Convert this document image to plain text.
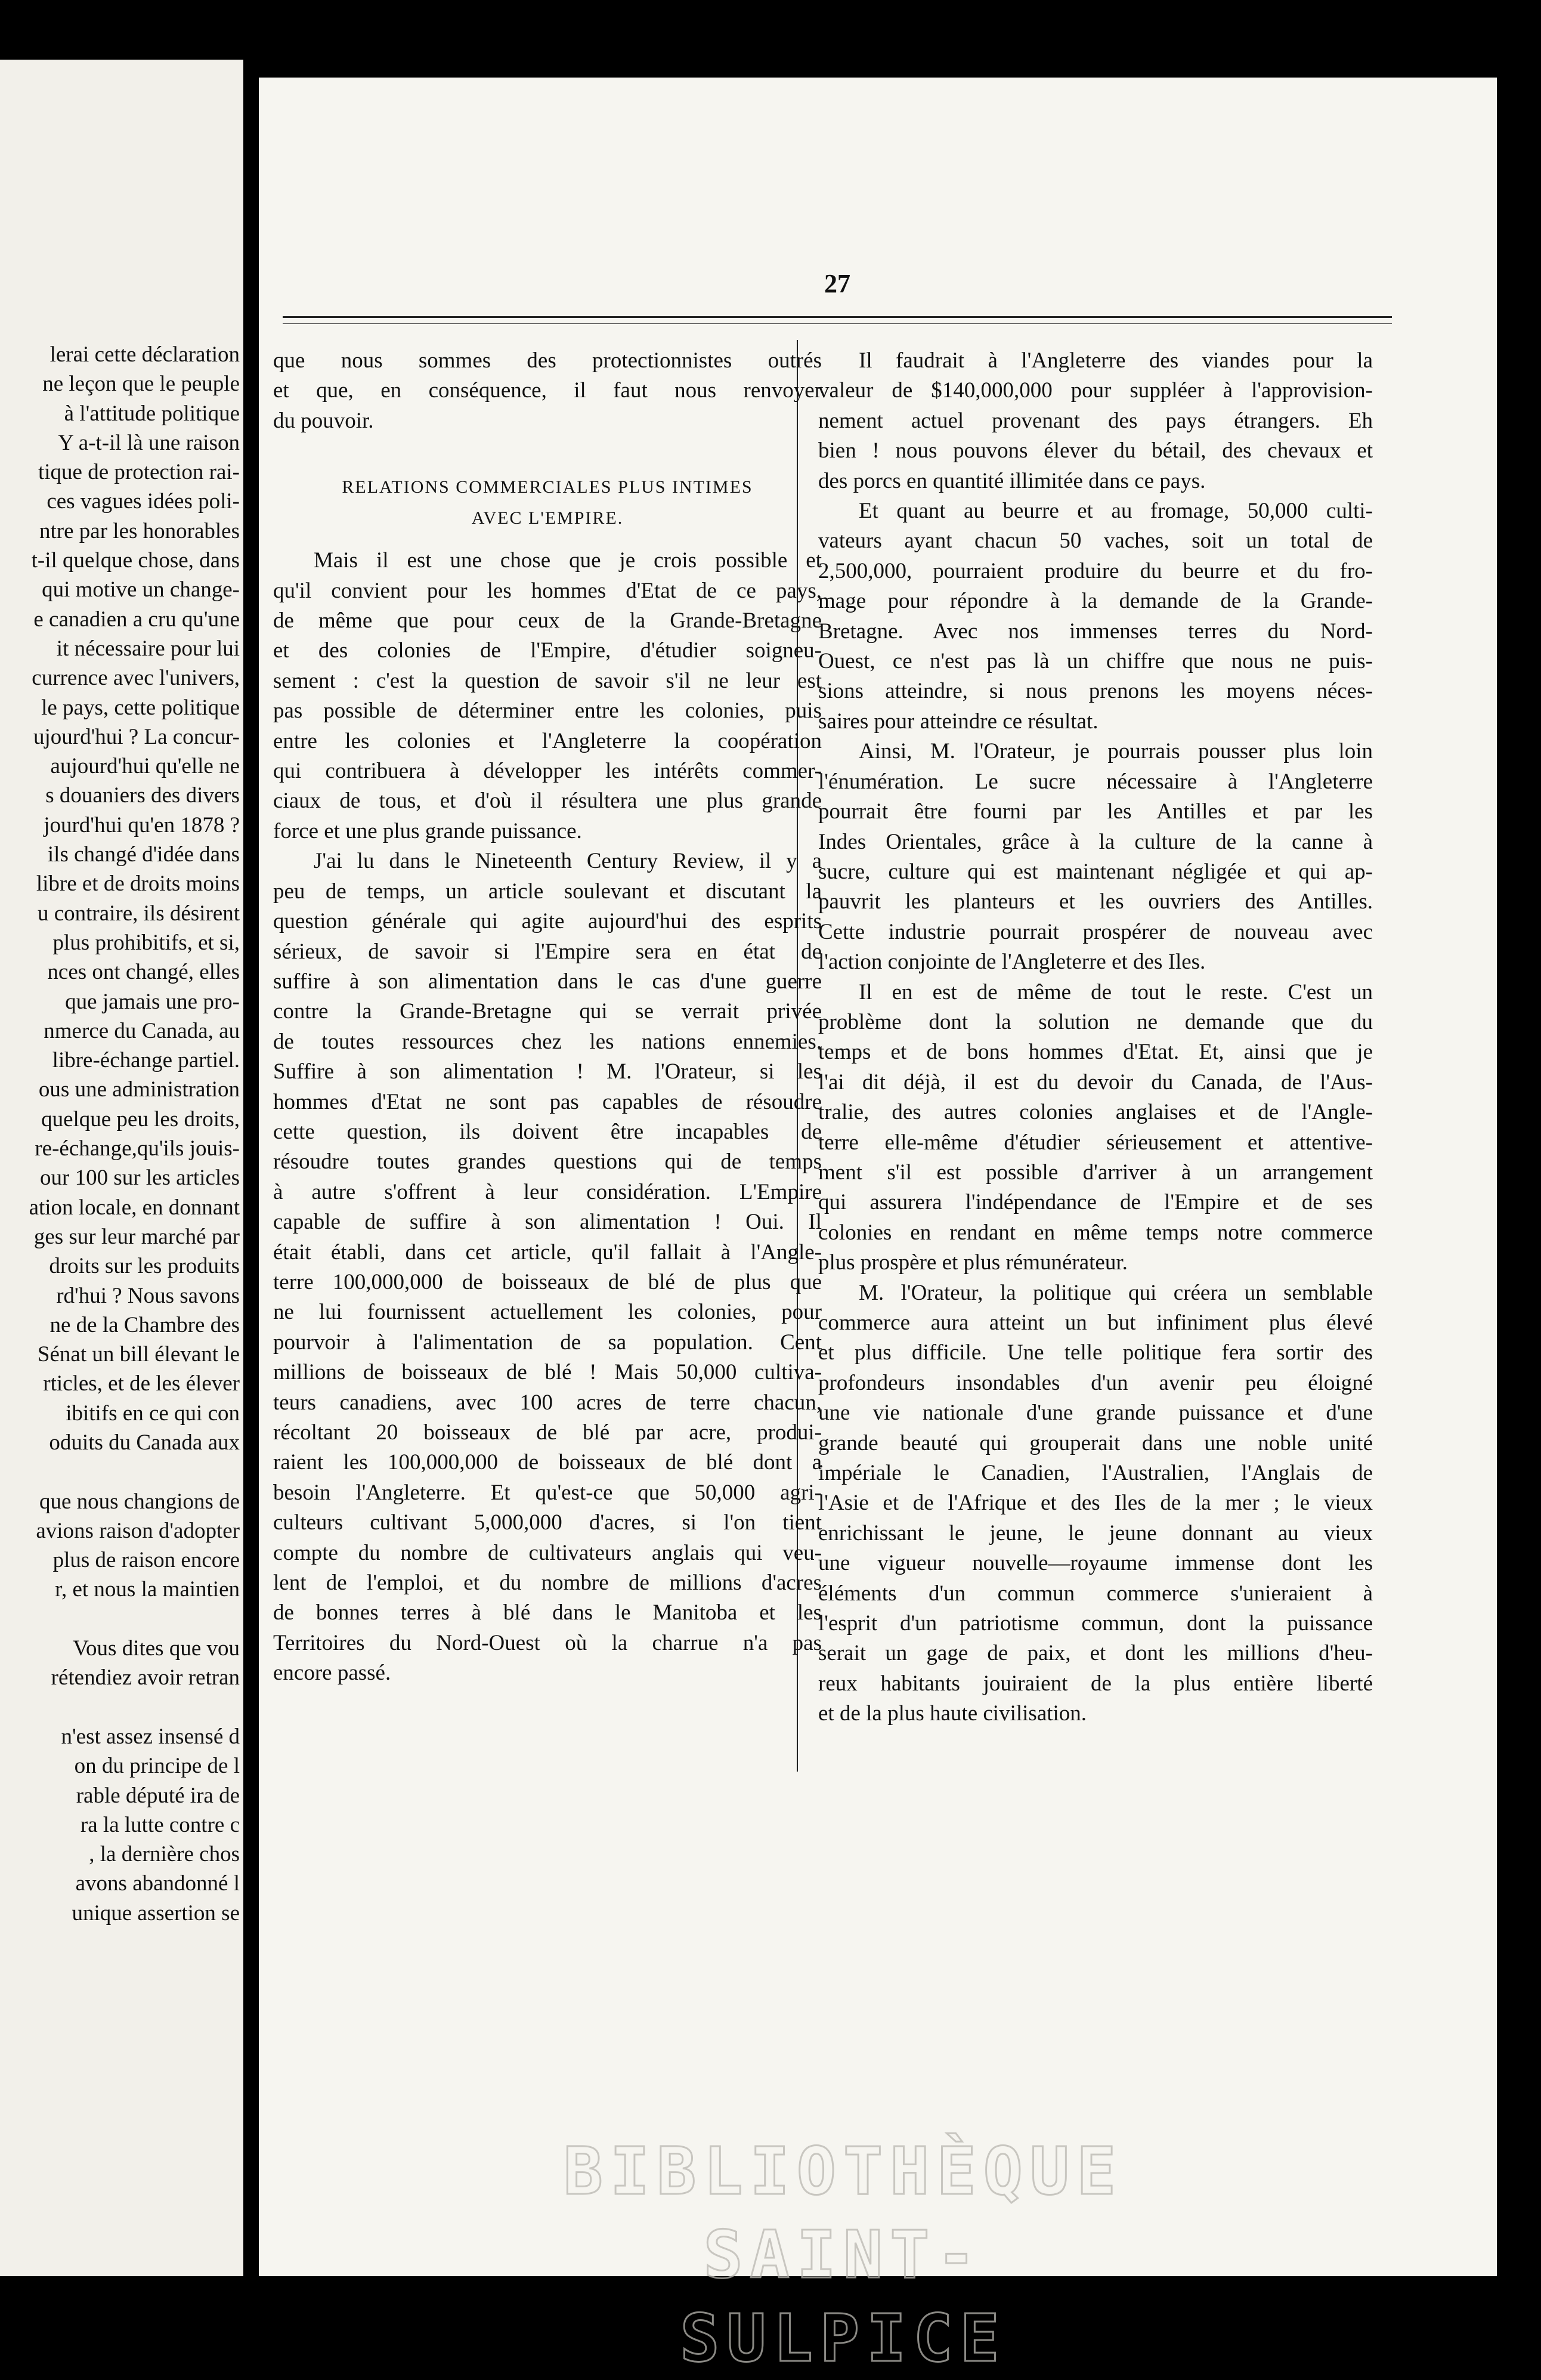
lerai cette déclaration

ne leçon que le peuple

à l'attitude politique

Y a-t-il là une raison

tique de protection rai-

ces vagues idées poli-

ntre par les honorables

t-il quelque chose, dans

qui motive un change-

e canadien a cru qu'une

it nécessaire pour lui

currence avec l'univers,

le pays, cette politique

ujourd'hui ? La concur-

aujourd'hui qu'elle ne

s douaniers des divers

jourd'hui qu'en 1878 ?

ils changé d'idée dans

libre et de droits moins

u contraire, ils désirent

plus prohibitifs, et si,

nces ont changé, elles

que jamais une pro-

nmerce du Canada, au

libre-échange partiel.

ous une administration

quelque peu les droits,

re-échange,qu'ils jouis-

our 100 sur les articles

ation locale, en donnant

ges sur leur marché par

droits sur les produits

rd'hui ? Nous savons

ne de la Chambre des

Sénat un bill élevant le

rticles, et de les élever

ibitifs en ce qui con

oduits du Canada aux

que nous changions de

avions raison d'adopter

plus de raison encore

r, et nous la maintien

Vous dites que vou

rétendiez avoir retran

n'est assez insensé d

on du principe de l

rable député ira de

ra la lutte contre c

, la dernière chos

avons abandonné l

unique assertion se

27

que nous sommes des protectionnistes outrés
et que, en conséquence, il faut nous renvoyer
du pouvoir.

RELATIONS COMMERCIALES PLUS INTIMES
AVEC L'EMPIRE.

Mais il est une chose que je crois possible et
qu'il convient pour les hommes d'Etat de ce pays,
de même que pour ceux de la Grande-Bretagne
et des colonies de l'Empire, d'étudier soigneu-
sement : c'est la question de savoir s'il ne leur est
pas possible de déterminer entre les colonies, puis
entre les colonies et l'Angleterre la coopération
qui contribuera à développer les intérêts commer-
ciaux de tous, et d'où il résultera une plus grande
force et une plus grande puissance.

J'ai lu dans le Nineteenth Century Review, il y a
peu de temps, un article soulevant et discutant la
question générale qui agite aujourd'hui des esprits
sérieux, de savoir si l'Empire sera en état de
suffire à son alimentation dans le cas d'une guerre
contre la Grande-Bretagne qui se verrait privée
de toutes ressources chez les nations ennemies.
Suffire à son alimentation ! M. l'Orateur, si les
hommes d'Etat ne sont pas capables de résoudre
cette question, ils doivent être incapables de
résoudre toutes grandes questions qui de temps
à autre s'offrent à leur considération. L'Empire
capable de suffire à son alimentation ! Oui. Il
était établi, dans cet article, qu'il fallait à l'Angle-
terre 100,000,000 de boisseaux de blé de plus que
ne lui fournissent actuellement les colonies, pour
pourvoir à l'alimentation de sa population. Cent
millions de boisseaux de blé ! Mais 50,000 cultiva-
teurs canadiens, avec 100 acres de terre chacun,
récoltant 20 boisseaux de blé par acre, produi-
raient les 100,000,000 de boisseaux de blé dont a
besoin l'Angleterre. Et qu'est-ce que 50,000 agri-
culteurs cultivant 5,000,000 d'acres, si l'on tient
compte du nombre de cultivateurs anglais qui veu-
lent de l'emploi, et du nombre de millions d'acres
de bonnes terres à blé dans le Manitoba et les
Territoires du Nord-Ouest où la charrue n'a pas
encore passé.

Il faudrait à l'Angleterre des viandes pour la
valeur de $140,000,000 pour suppléer à l'approvision-
nement actuel provenant des pays étrangers. Eh
bien ! nous pouvons élever du bétail, des chevaux et
des porcs en quantité illimitée dans ce pays.

Et quant au beurre et au fromage, 50,000 culti-
vateurs ayant chacun 50 vaches, soit un total de
2,500,000, pourraient produire du beurre et du fro-
mage pour répondre à la demande de la Grande-
Bretagne. Avec nos immenses terres du Nord-
Ouest, ce n'est pas là un chiffre que nous ne puis-
sions atteindre, si nous prenons les moyens néces-
saires pour atteindre ce résultat.

Ainsi, M. l'Orateur, je pourrais pousser plus loin
l'énumération. Le sucre nécessaire à l'Angleterre
pourrait être fourni par les Antilles et par les
Indes Orientales, grâce à la culture de la canne à
sucre, culture qui est maintenant négligée et qui ap-
pauvrit les planteurs et les ouvriers des Antilles.
Cette industrie pourrait prospérer de nouveau avec
l'action conjointe de l'Angleterre et des Iles.

Il en est de même de tout le reste. C'est un
problème dont la solution ne demande que du
temps et de bons hommes d'Etat. Et, ainsi que je
l'ai dit déjà, il est du devoir du Canada, de l'Aus-
tralie, des autres colonies anglaises et de l'Angle-
terre elle-même d'étudier sérieusement et attentive-
ment s'il est possible d'arriver à un arrangement
qui assurera l'indépendance de l'Empire et de ses
colonies en rendant en même temps notre commerce
plus prospère et plus rémunérateur.

M. l'Orateur, la politique qui créera un semblable
commerce aura atteint un but infiniment plus élevé
et plus difficile. Une telle politique fera sortir des
profondeurs insondables d'un avenir peu éloigné
une vie nationale d'une grande puissance et d'une
grande beauté qui grouperait dans une noble unité
impériale le Canadien, l'Australien, l'Anglais de
l'Asie et de l'Afrique et des Iles de la mer ; le vieux
enrichissant le jeune, le jeune donnant au vieux
une vigueur nouvelle—royaume immense dont les
éléments d'un commun commerce s'unieraient à
l'esprit d'un patriotisme commun, dont la puissance
serait un gage de paix, et dont les millions d'heu-
reux habitants jouiraient de la plus entière liberté
et de la plus haute civilisation.

BIBLIOTHÈQUE
SAINT-SULPICE
